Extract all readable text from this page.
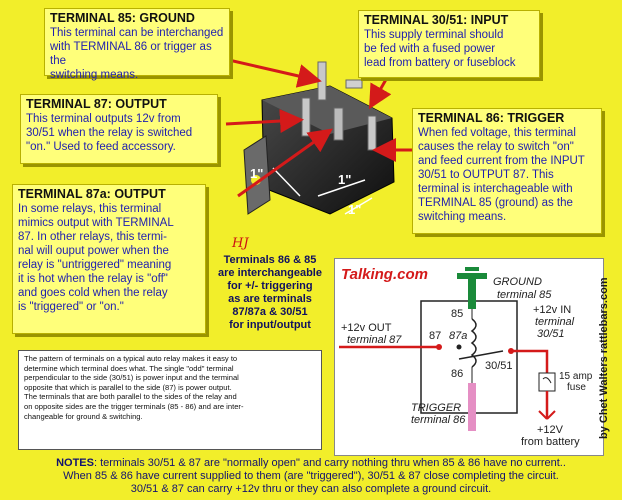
1"	1"
1"
TERMINAL 85: GROUND
This terminal can be interchanged
with TERMINAL 86 or trigger as the
switching means.
TERMINAL 30/51: INPUT
This supply terminal should
be fed with a fused power
lead from battery or fuseblock
TERMINAL 87: OUTPUT
This terminal outputs 12v from
30/51 when the relay is switched
"on." Used to feed accessory.
TERMINAL 86: TRIGGER
When fed voltage, this terminal
causes the relay to switch "on"
and feed current from the INPUT
30/51 to OUTPUT 87. This
terminal is interchageable with
TERMINAL 85 (ground) as the
switching means.
TERMINAL 87a: OUTPUT
In some relays, this terminal
mimics output with TERMINAL
87. In other relays, this termi-
nal will ouput power when the
relay is "untriggered" meaning
it is hot when the relay is "off"
and goes cold when the relay
is "triggered" or "on."
HJ
Terminals 86 & 85
are interchangeable
for +/- triggering
as are terminals
87/87a & 30/51
for input/output
The pattern of terminals on a typical auto relay makes it easy to
determine which terminal does what. The single "odd" terminal
perpendicular to the side (30/51) is power input and the terminal
opposite that which is parallel to the side (87) is power output.
The terminals that are both parallel to the sides of the relay and
on opposite sides are the trigger terminals (85 - 86) and are inter-
changeable for ground & switching.
Talking.com	GROUND
terminal 85
85
+12v OUT
terminal 87	87 87a
+12v IN
terminal
30/51
86
30/51
15 amp
fuse
TRIGGER
terminal 86
+12V
from battery
by Chet Walters rattlebars.com
NOTES: terminals 30/51 & 87 are "normally open" and carry nothing thru when 85 & 86 have no current..
When 85 & 86 have current supplied to them (are "triggered"), 30/51 & 87 close completing the circuit.
30/51 & 87 can carry +12v thru or they can also complete a ground circuit.
